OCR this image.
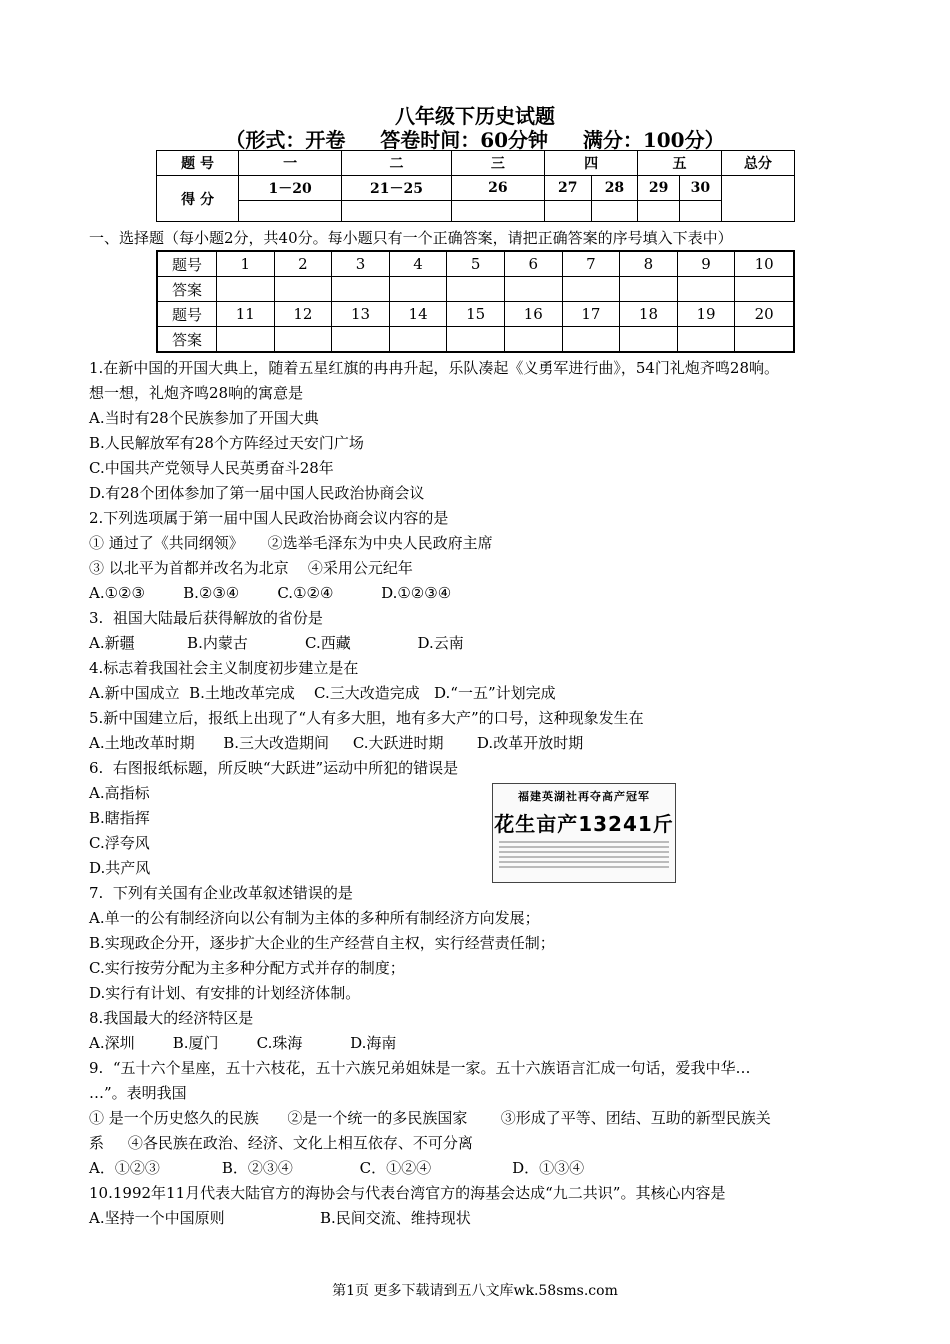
八年级下历史试题
（形式：开卷     答卷时间：60分钟     满分：100分）
题 号	一	二	三	四		五		总分
得 分	1－20	21－25	26	27	28	29	30	

一、选择题（每小题2分，共40分。每小题只有一个正确答案，请把正确答案的序号填入下表中）
题号	1	2	3	4	5	6	7	8	9	10
答案										
题号	11	12	13	14	15	16	17	18	19	20
答案										
1.在新中国的开国大典上，随着五星红旗的冉冉升起，乐队凑起《义勇军进行曲》，54门礼炮齐鸣28响。
想一想，礼炮齐鸣28响的寓意是
A.当时有28个民族参加了开国大典
B.人民解放军有28个方阵经过天安门广场
C.中国共产党领导人民英勇奋斗28年
D.有28个团体参加了第一届中国人民政治协商会议
2.下列选项属于第一届中国人民政治协商会议内容的是
① 通过了《共同纲领》     ②选举毛泽东为中央人民政府主席
③ 以北平为首都并改名为北京    ④采用公元纪年
A.①②③        B.②③④        C.①②④          D.①②③④
3.  祖国大陆最后获得解放的省份是
A.新疆           B.内蒙古            C.西藏              D.云南
4.标志着我国社会主义制度初步建立是在
A.新中国成立  B.土地改革完成    C.三大改造完成   D.“一五”计划完成
5.新中国建立后，报纸上出现了“人有多大胆，地有多大产”的口号，这种现象发生在
A.土地改革时期      B.三大改造期间     C.大跃进时期       D.改革开放时期
6.  右图报纸标题，所反映“大跃进”运动中所犯的错误是
A.高指标
B.瞎指挥
C.浮夸风
D.共产风
7.  下列有关国有企业改革叙述错误的是
A.单一的公有制经济向以公有制为主体的多种所有制经济方向发展；
B.实现政企分开，逐步扩大企业的生产经营自主权，实行经营责任制；
C.实行按劳分配为主多种分配方式并存的制度；
D.实行有计划、有安排的计划经济体制。
8.我国最大的经济特区是
A.深圳        B.厦门        C.珠海          D.海南
9.  “五十六个星座，五十六枝花，五十六族兄弟姐妹是一家。五十六族语言汇成一句话，爱我中华…
…”。表明我国
① 是一个历史悠久的民族      ②是一个统一的多民族国家       ③形成了平等、团结、互助的新型民族关
系     ④各民族在政治、经济、文化上相互依存、不可分离
A．①②③             B．②③④              C．①②④                 D．①③④
10.1992年11月代表大陆官方的海协会与代表台湾官方的海基会达成“九二共识”。其核心内容是
A.坚持一个中国原则                    B.民间交流、维持现状
福建英湖社再夺高产冠军
花生亩产13241斤
第1页 更多下载请到五八文库wk.58sms.com
